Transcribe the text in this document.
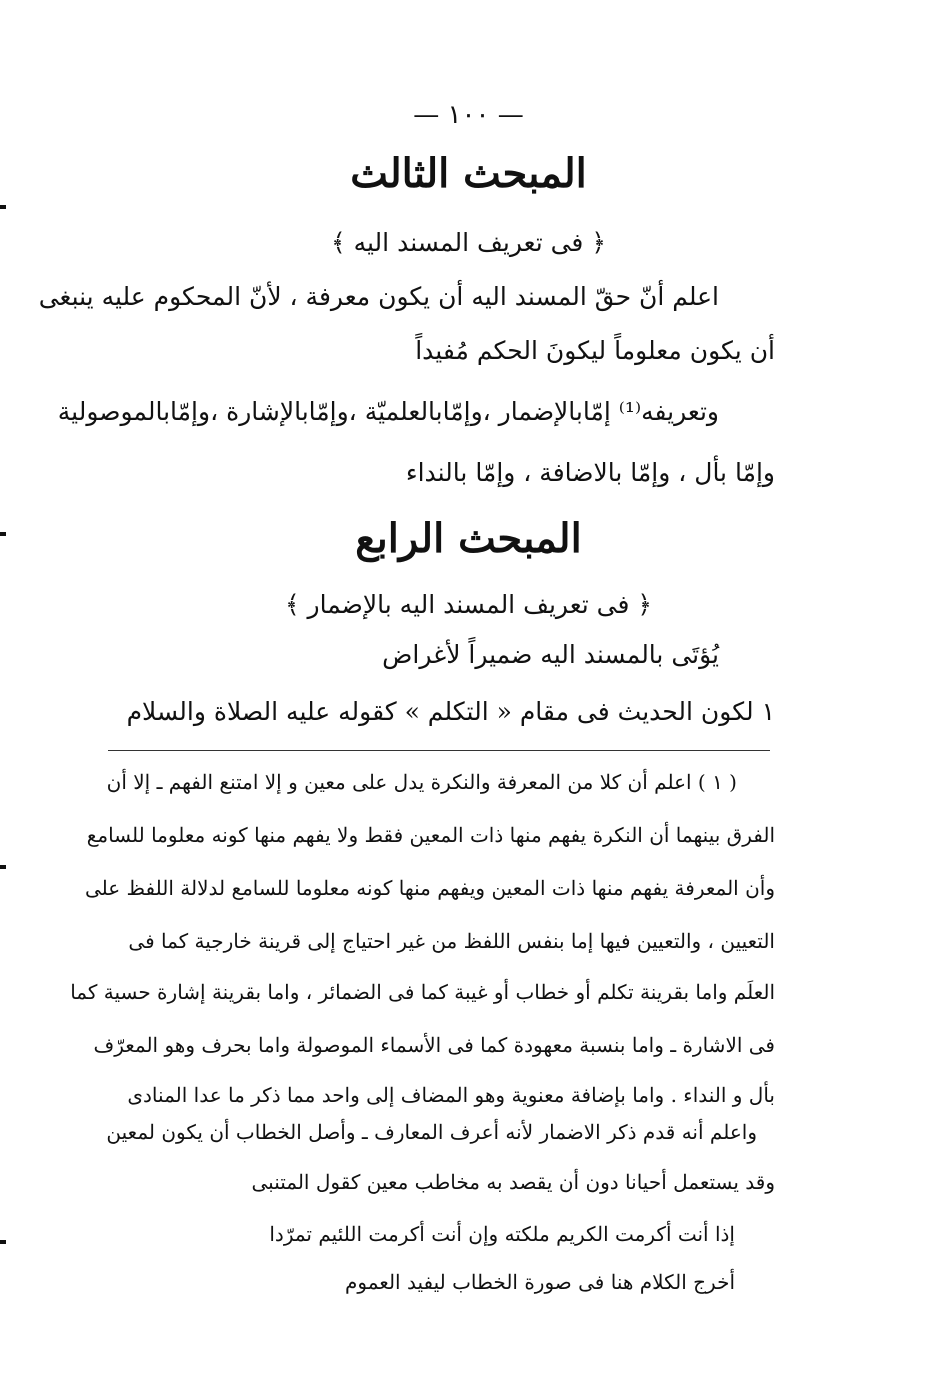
— ١٠٠ —
المبحث الثالث
﴿ فى تعريف المسند اليه ﴾
اعلم أنّ حقّ المسند اليه أن يكون معرفة ، لأنّ المحكوم عليه ينبغى
أن يكون معلوماً ليكونَ الحكم مُفيداً
وتعريفه⁽¹⁾ إمّابالإضمار ،وإمّابالعلميّة ،وإمّابالإشارة ،وإمّابالموصولية
وإمّا بأل ، وإمّا بالاضافة ، وإمّا بالنداء
المبحث الرابع
﴿ فى تعريف المسند اليه بالإضمار ﴾
يُؤتَى بالمسند اليه ضميراً لأغراض
١ لكون الحديث فى مقام « التكلم » كقوله عليه الصلاة والسلام
( ١ ) اعلم أن كلا من المعرفة والنكرة يدل على معين و إلا امتنع الفهم ـ إلا أن
الفرق بينهما أن النكرة يفهم منها ذات المعين فقط ولا يفهم منها كونه معلوما للسامع
وأن المعرفة يفهم منها ذات المعين ويفهم منها كونه معلوما للسامع لدلالة اللفظ على
التعيين ، والتعيين فيها إما بنفس اللفظ من غير احتياج إلى قرينة خارجية كما فى
العلَم واما بقرينة تكلم أو خطاب أو غيبة كما فى الضمائر ، واما بقرينة إشارة حسية كما
فى الاشارة ـ واما بنسبة معهودة كما فى الأسماء الموصولة واما بحرف وهو المعرّف
بأل و النداء . واما بإضافة معنوية وهو المضاف إلى واحد مما ذكر ما عدا المنادى
واعلم أنه قدم ذكر الاضمار لأنه أعرف المعارف ـ وأصل الخطاب أن يكون لمعين
وقد يستعمل أحيانا دون أن يقصد به مخاطب معين كقول المتنبى
إذا أنت أكرمت الكريم ملكته وإن أنت أكرمت اللئيم تمرّدا
أخرج الكلام هنا فى صورة الخطاب ليفيد العموم
